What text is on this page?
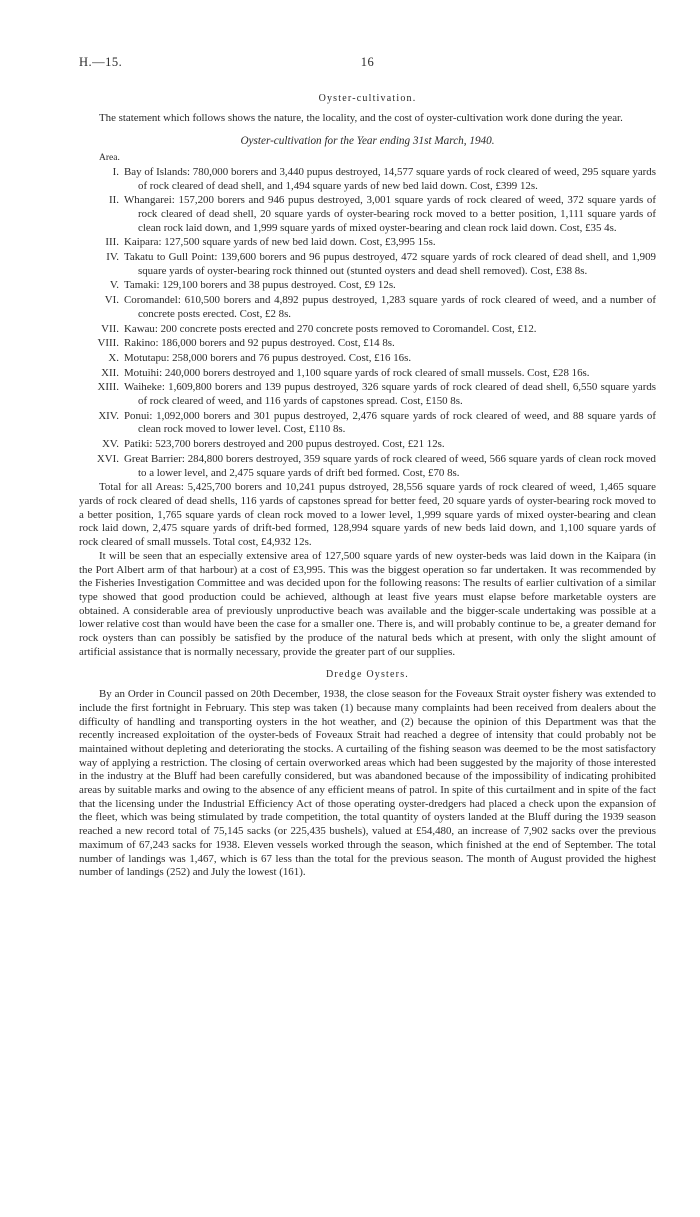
H.—15.	16
Oyster-cultivation.

The statement which follows shows the nature, the locality, and the cost of oyster-cultivation work done during the year.

Oyster-cultivation for the Year ending 31st March, 1940.
Area.
I. Bay of Islands: 780,000 borers and 3,440 pupus destroyed, 14,577 square yards of rock cleared of weed, 295 square yards of rock cleared of dead shell, and 1,494 square yards of new bed laid down. Cost, £399 12s.
II. Whangarei: 157,200 borers and 946 pupus destroyed, 3,001 square yards of rock cleared of weed, 372 square yards of rock cleared of dead shell, 20 square yards of oyster-bearing rock moved to a better position, 1,111 square yards of clean rock laid down, and 1,999 square yards of mixed oyster-bearing and clean rock laid down. Cost, £35 4s.
III. Kaipara: 127,500 square yards of new bed laid down. Cost, £3,995 15s.
IV. Takatu to Gull Point: 139,600 borers and 96 pupus destroyed, 472 square yards of rock cleared of dead shell, and 1,909 square yards of oyster-bearing rock thinned out (stunted oysters and dead shell removed). Cost, £38 8s.
V. Tamaki: 129,100 borers and 38 pupus destroyed. Cost, £9 12s.
VI. Coromandel: 610,500 borers and 4,892 pupus destroyed, 1,283 square yards of rock cleared of weed, and a number of concrete posts erected. Cost, £2 8s.
VII. Kawau: 200 concrete posts erected and 270 concrete posts removed to Coromandel. Cost, £12.
VIII. Rakino: 186,000 borers and 92 pupus destroyed. Cost, £14 8s.
X. Motutapu: 258,000 borers and 76 pupus destroyed. Cost, £16 16s.
XII. Motuihi: 240,000 borers destroyed and 1,100 square yards of rock cleared of small mussels. Cost, £28 16s.
XIII. Waiheke: 1,609,800 borers and 139 pupus destroyed, 326 square yards of rock cleared of dead shell, 6,550 square yards of rock cleared of weed, and 116 yards of capstones spread. Cost, £150 8s.
XIV. Ponui: 1,092,000 borers and 301 pupus destroyed, 2,476 square yards of rock cleared of weed, and 88 square yards of clean rock moved to lower level. Cost, £110 8s.
XV. Patiki: 523,700 borers destroyed and 200 pupus destroyed. Cost, £21 12s.
XVI. Great Barrier: 284,800 borers destroyed, 359 square yards of rock cleared of weed, 566 square yards of clean rock moved to a lower level, and 2,475 square yards of drift bed formed. Cost, £70 8s.

Total for all Areas: 5,425,700 borers and 10,241 pupus dstroyed, 28,556 square yards of rock cleared of weed, 1,465 square yards of rock cleared of dead shells, 116 yards of capstones spread for better feed, 20 square yards of oyster-bearing rock moved to a better position, 1,765 square yards of clean rock moved to a lower level, 1,999 square yards of mixed oyster-bearing and clean rock laid down, 2,475 square yards of drift-bed formed, 128,994 square yards of new beds laid down, and 1,100 square yards of rock cleared of small mussels. Total cost, £4,932 12s.

It will be seen that an especially extensive area of 127,500 square yards of new oyster-beds was laid down in the Kaipara (in the Port Albert arm of that harbour) at a cost of £3,995. This was the biggest operation so far undertaken. It was recommended by the Fisheries Investigation Committee and was decided upon for the following reasons: The results of earlier cultivation of a similar type showed that good production could be achieved, although at least five years must elapse before marketable oysters are obtained. A considerable area of previously unproductive beach was available and the bigger-scale undertaking was possible at a lower relative cost than would have been the case for a smaller one. There is, and will probably continue to be, a greater demand for rock oysters than can possibly be satisfied by the produce of the natural beds which at present, with only the slight amount of artificial assistance that is normally necessary, provide the greater part of our supplies.

Dredge Oysters.

By an Order in Council passed on 20th December, 1938, the close season for the Foveaux Strait oyster fishery was extended to include the first fortnight in February. This step was taken (1) because many complaints had been received from dealers about the difficulty of handling and transporting oysters in the hot weather, and (2) because the opinion of this Department was that the recently increased exploitation of the oyster-beds of Foveaux Strait had reached a degree of intensity that could probably not be maintained without depleting and deteriorating the stocks. A curtailing of the fishing season was deemed to be the most satisfactory way of applying a restriction. The closing of certain overworked areas which had been suggested by the majority of those interested in the industry at the Bluff had been carefully considered, but was abandoned because of the impossibility of indicating prohibited areas by suitable marks and owing to the absence of any efficient means of patrol. In spite of this curtailment and in spite of the fact that the licensing under the Industrial Efficiency Act of those operating oyster-dredgers had placed a check upon the expansion of the fleet, which was being stimulated by trade competition, the total quantity of oysters landed at the Bluff during the 1939 season reached a new record total of 75,145 sacks (or 225,435 bushels), valued at £54,480, an increase of 7,902 sacks over the previous maximum of 67,243 sacks for 1938. Eleven vessels worked through the season, which finished at the end of September. The total number of landings was 1,467, which is 67 less than the total for the previous season. The month of August provided the highest number of landings (252) and July the lowest (161).
